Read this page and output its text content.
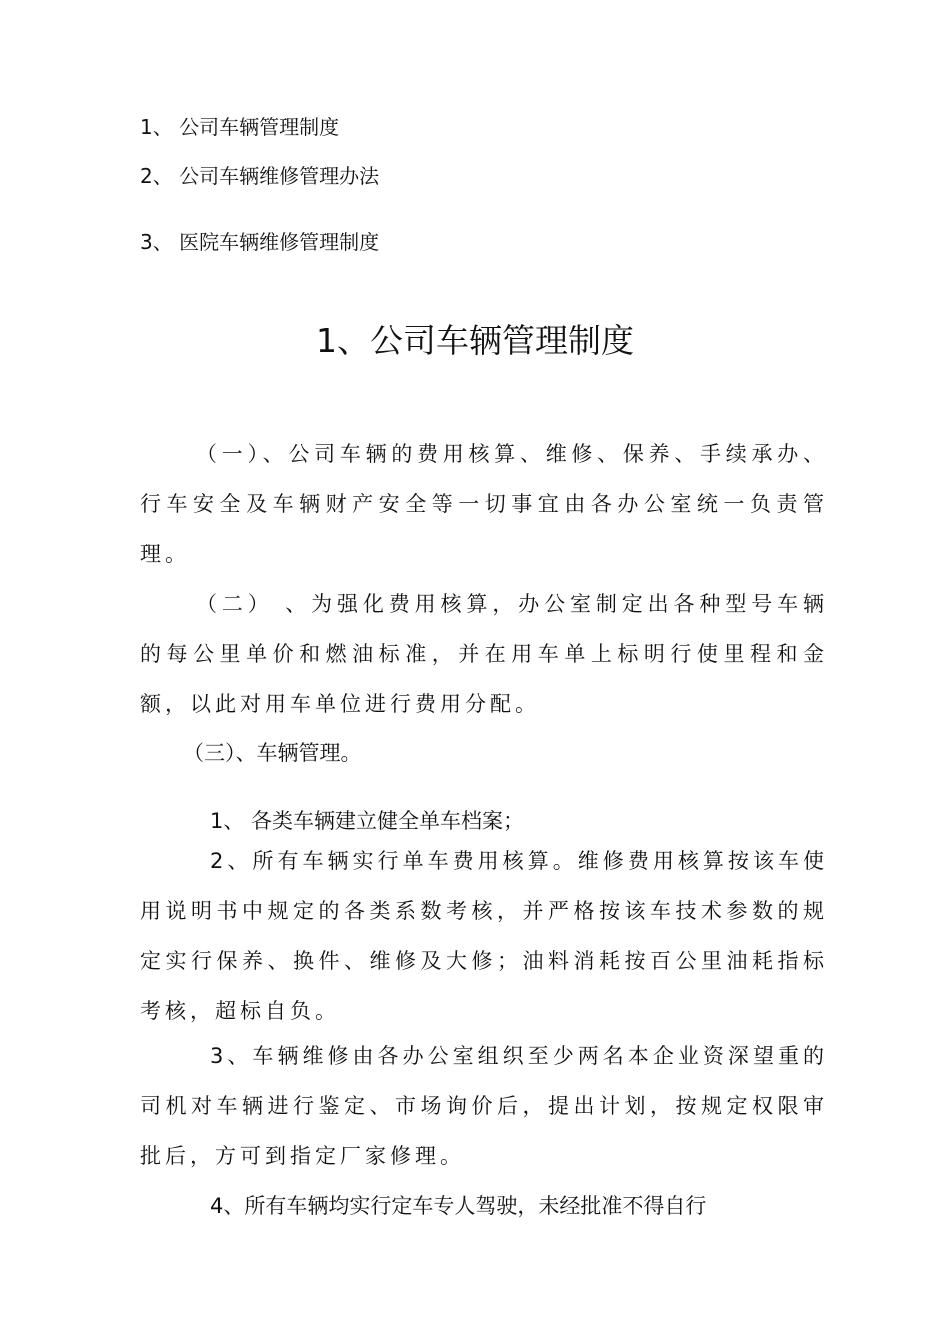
1、 公司车辆管理制度
2、 公司车辆维修管理办法
3、 医院车辆维修管理制度
1、公司车辆管理制度
（一）、公司车辆的费用核算、维修、保养、手续承办、行车安全及车辆财产安全等一切事宜由各办公室统一负责管理。
（二） 、为强化费用核算，办公室制定出各种型号车辆的每公里单价和燃油标准，并在用车单上标明行使里程和金额，以此对用车单位进行费用分配。
（三）、车辆管理。
1、 各类车辆建立健全单车档案；
2、所有车辆实行单车费用核算。维修费用核算按该车使用说明书中规定的各类系数考核，并严格按该车技术参数的规定实行保养、换件、维修及大修；油料消耗按百公里油耗指标考核，超标自负。
3、车辆维修由各办公室组织至少两名本企业资深望重的司机对车辆进行鉴定、市场询价后，提出计划，按规定权限审批后，方可到指定厂家修理。
4、所有车辆均实行定车专人驾驶，未经批准不得自行
